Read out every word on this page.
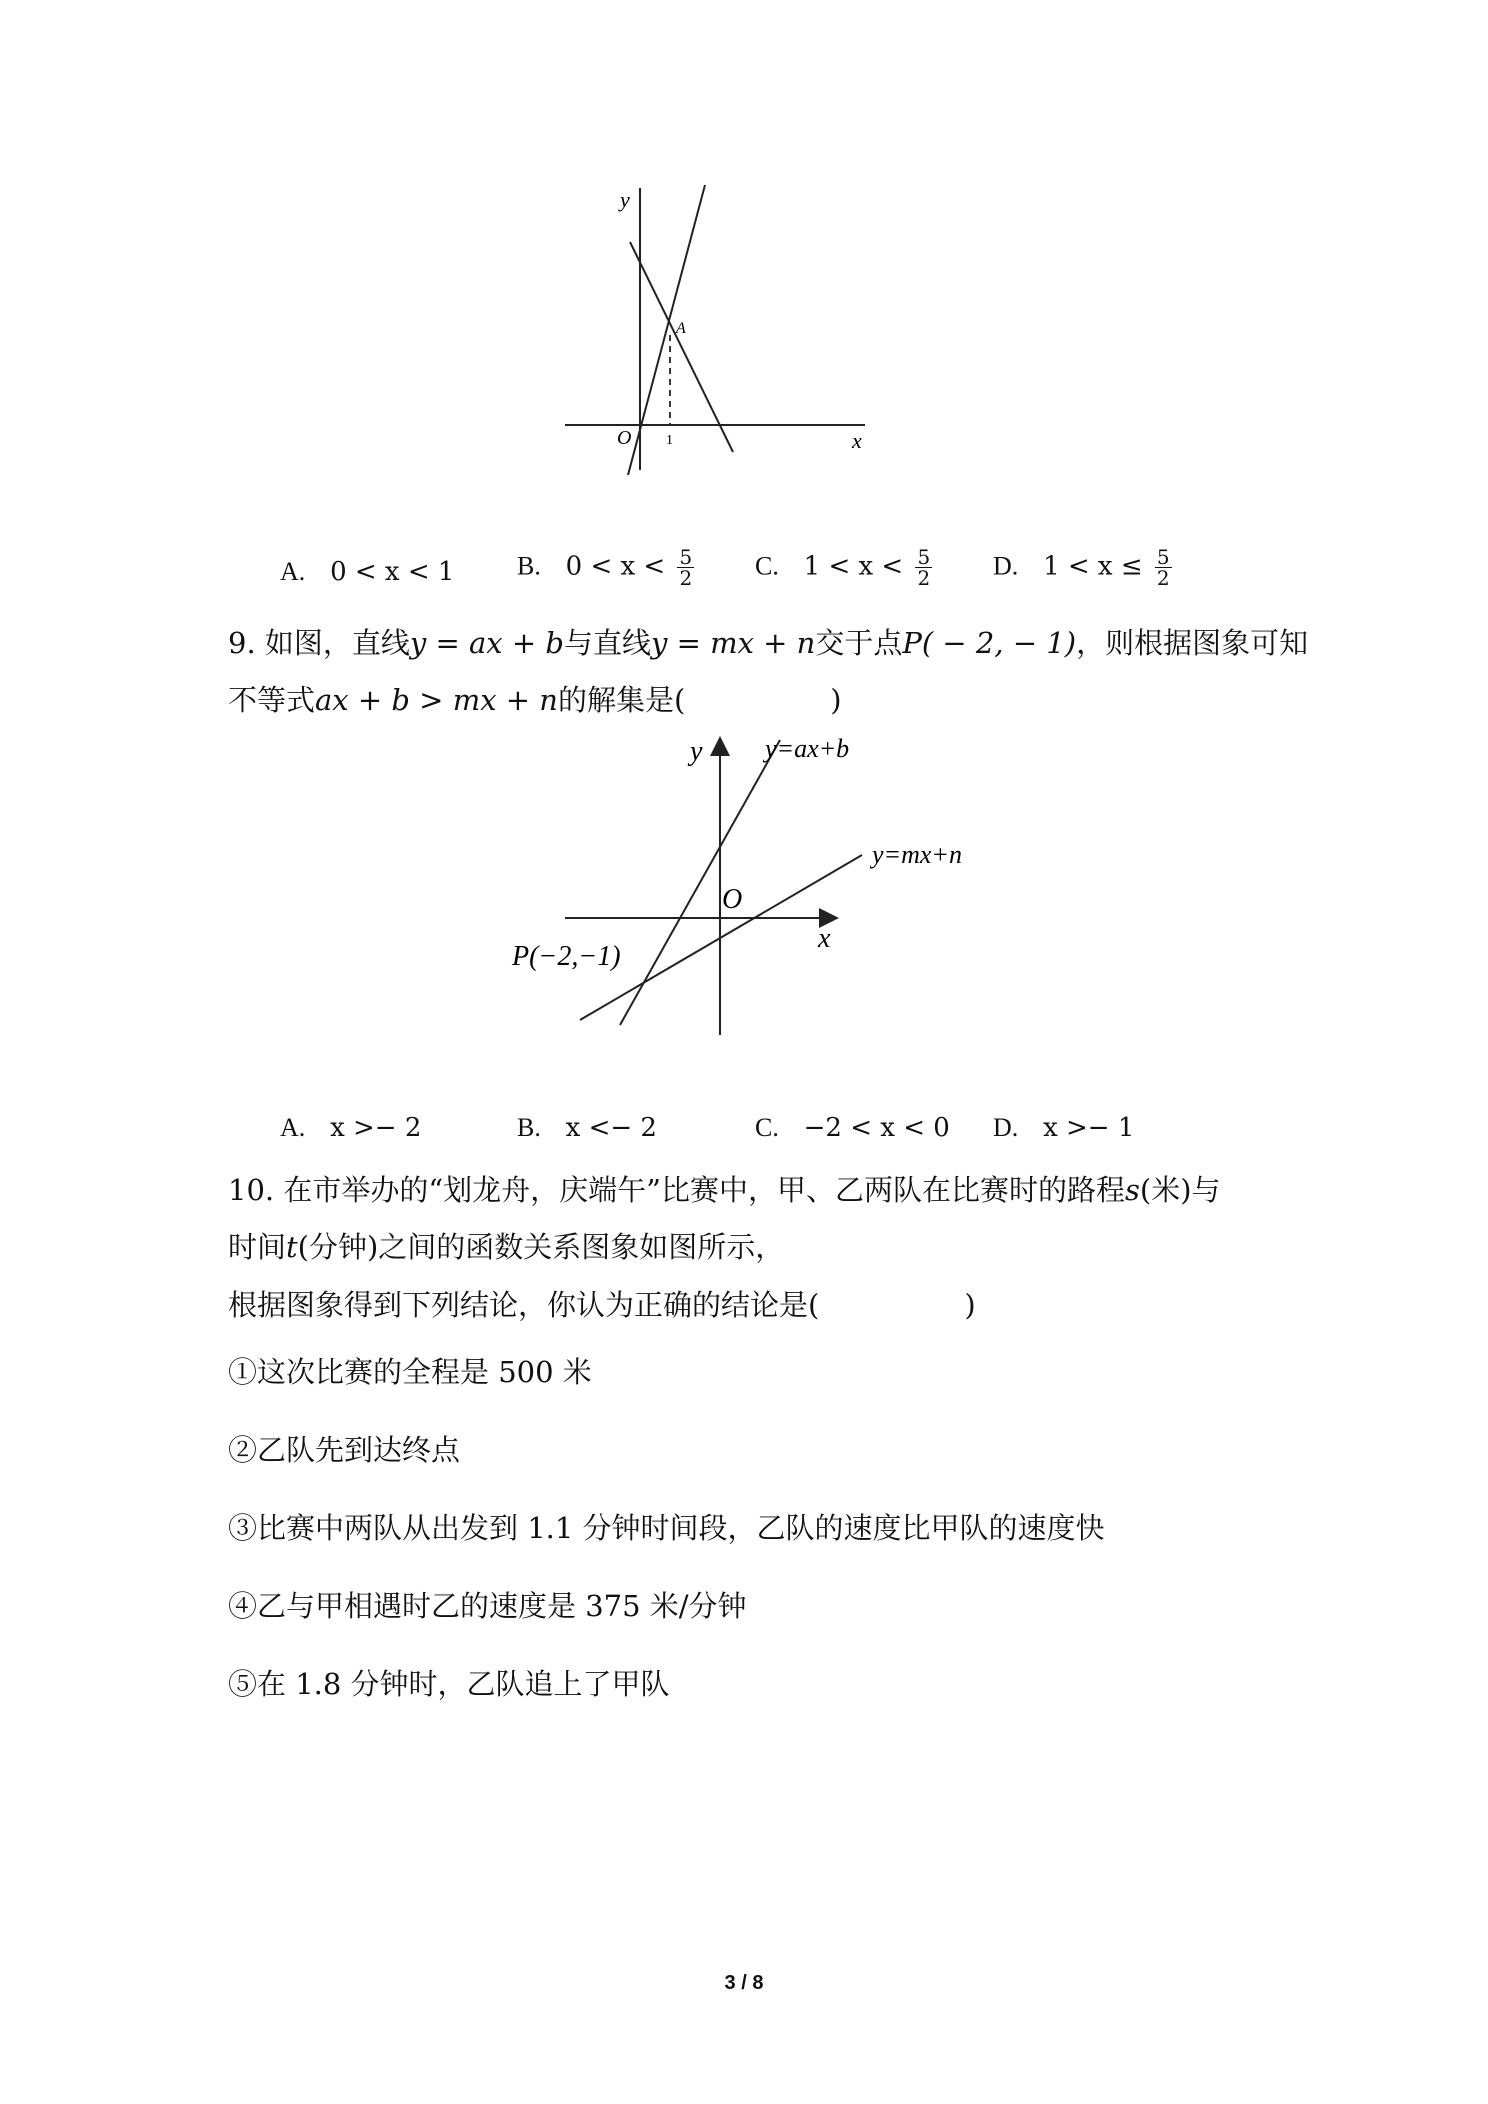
y
x
O
A
1
A. 0 < x < 1 B. $0 < x < \frac{5}{2} C$. $1 < x < \frac{5}{2} D$. $1 < x \le \frac{5}{2}$
9. 如图，直线y = ax + b与直线y = mx + n交于点P( − 2, − 1)，则根据图象可知
不等式ax + b > mx + n的解集是(　　　　　)
y
x
O
y=ax+b
y=mx+n
P(−2,−1)
A. x >− 2	B. x <− 2	C. −2 < x < 0 D. x >− 1
10. 在市举办的“划龙舟，庆端午”比赛中，甲、乙两队在比赛时的路程s(米)与
时间t(分钟)之间的函数关系图象如图所示，
根据图象得到下列结论，你认为正确的结论是(　　　　　)
①这次比赛的全程是 500 米
②乙队先到达终点
③比赛中两队从出发到 1.1 分钟时间段，乙队的速度比甲队的速度快
④乙与甲相遇时乙的速度是 375 米/分钟
⑤在 1.8 分钟时，乙队追上了甲队
3 / 8
